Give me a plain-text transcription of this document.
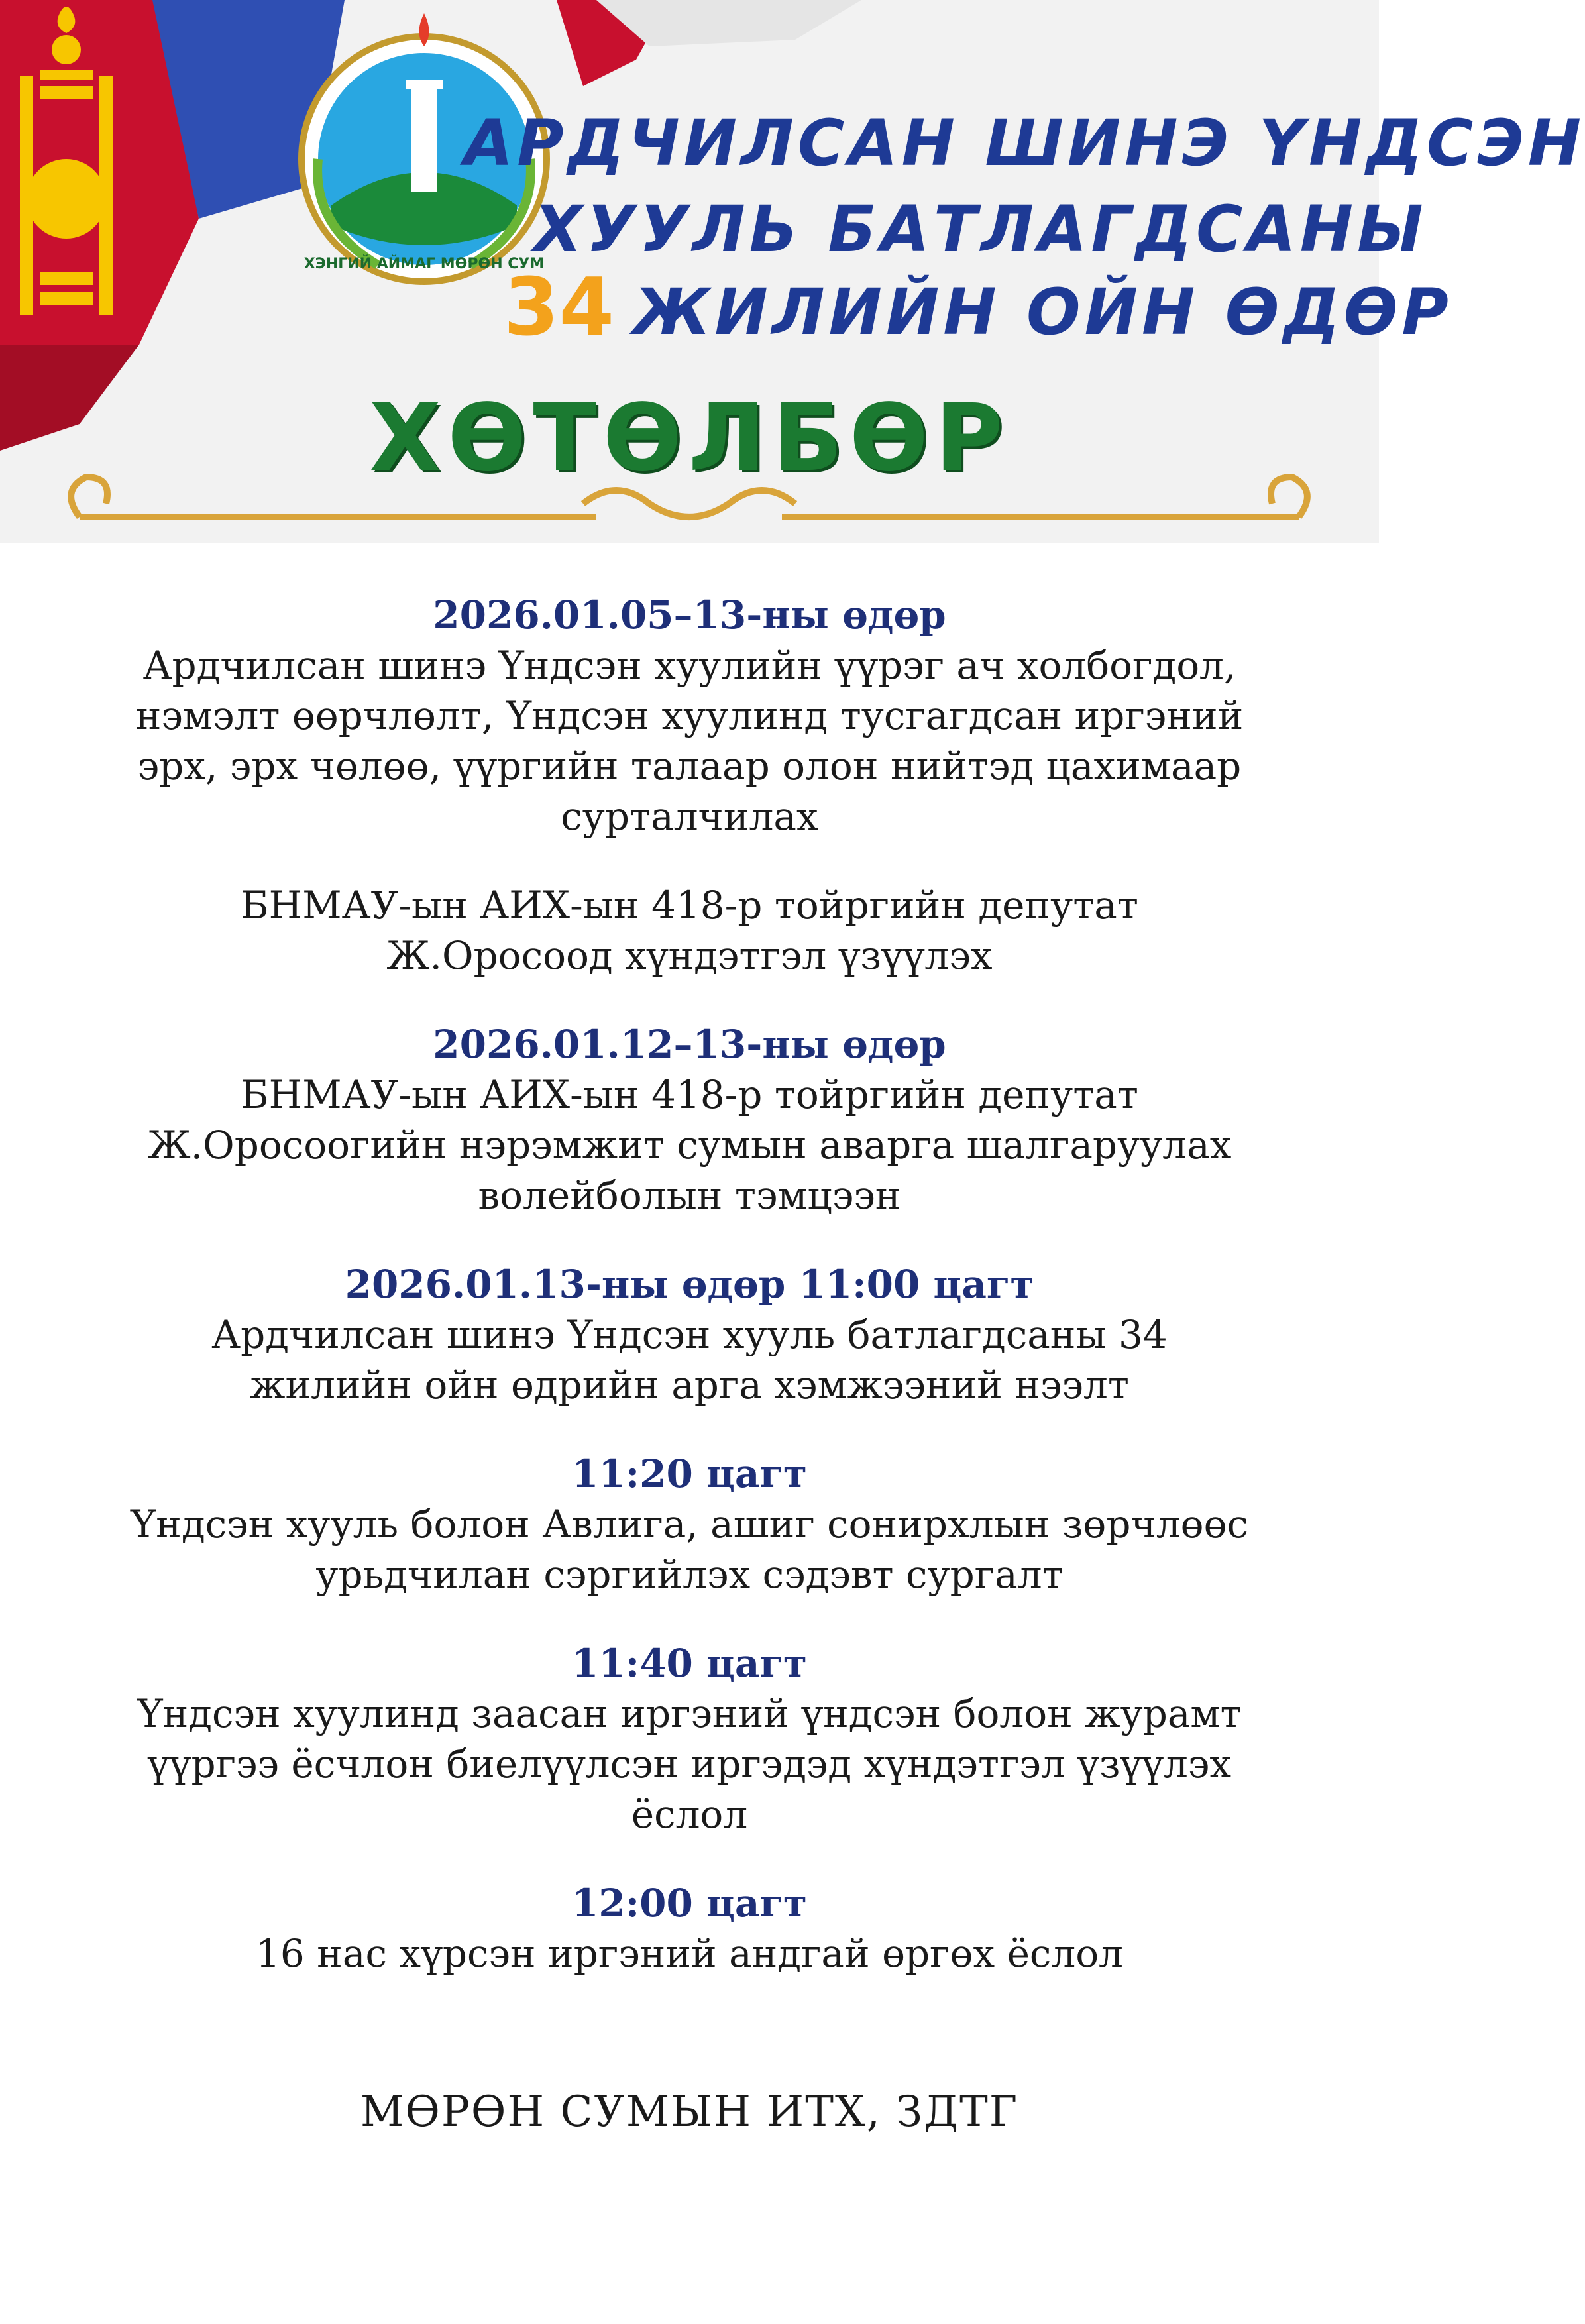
ХЭНГИЙ АЙМАГ МӨРӨН СУМ
АРДЧИЛСАН ШИНЭ ҮНДСЭН
ХУУЛЬ БАТЛАГДСАНЫ
34 ЖИЛИЙН ОЙН ӨДӨР
ХӨТӨЛБӨР
2026.01.05–13-ны өдөр
Ардчилсан шинэ Үндсэн хуулийн үүрэг ач холбогдол, нэмэлт өөрчлөлт, Үндсэн хуулинд тусгагдсан иргэний эрх, эрх чөлөө, үүргийн талаар олон нийтэд цахимаар сурталчилах
БНМАУ-ын АИХ-ын 418-р тойргийн депутат Ж.Оросоод хүндэтгэл үзүүлэх
2026.01.12–13-ны өдөр
БНМАУ-ын АИХ-ын 418-р тойргийн депутат Ж.Оросоогийн нэрэмжит сумын аварга шалгаруулах волейболын тэмцээн
2026.01.13-ны өдөр 11:00 цагт
Ардчилсан шинэ Үндсэн хууль батлагдсаны 34 жилийн ойн өдрийн арга хэмжээний нээлт
11:20 цагт
Үндсэн хууль болон Авлига, ашиг сонирхлын зөрчлөөс урьдчилан сэргийлэх сэдэвт сургалт
11:40 цагт
Үндсэн хуулинд заасан иргэний үндсэн болон журамт үүргээ ёсчлон биелүүлсэн иргэдэд хүндэтгэл үзүүлэх ёслол
12:00 цагт
16 нас хүрсэн иргэний андгай өргөх ёслол
МӨРӨН СУМЫН ИТХ, ЗДТГ
